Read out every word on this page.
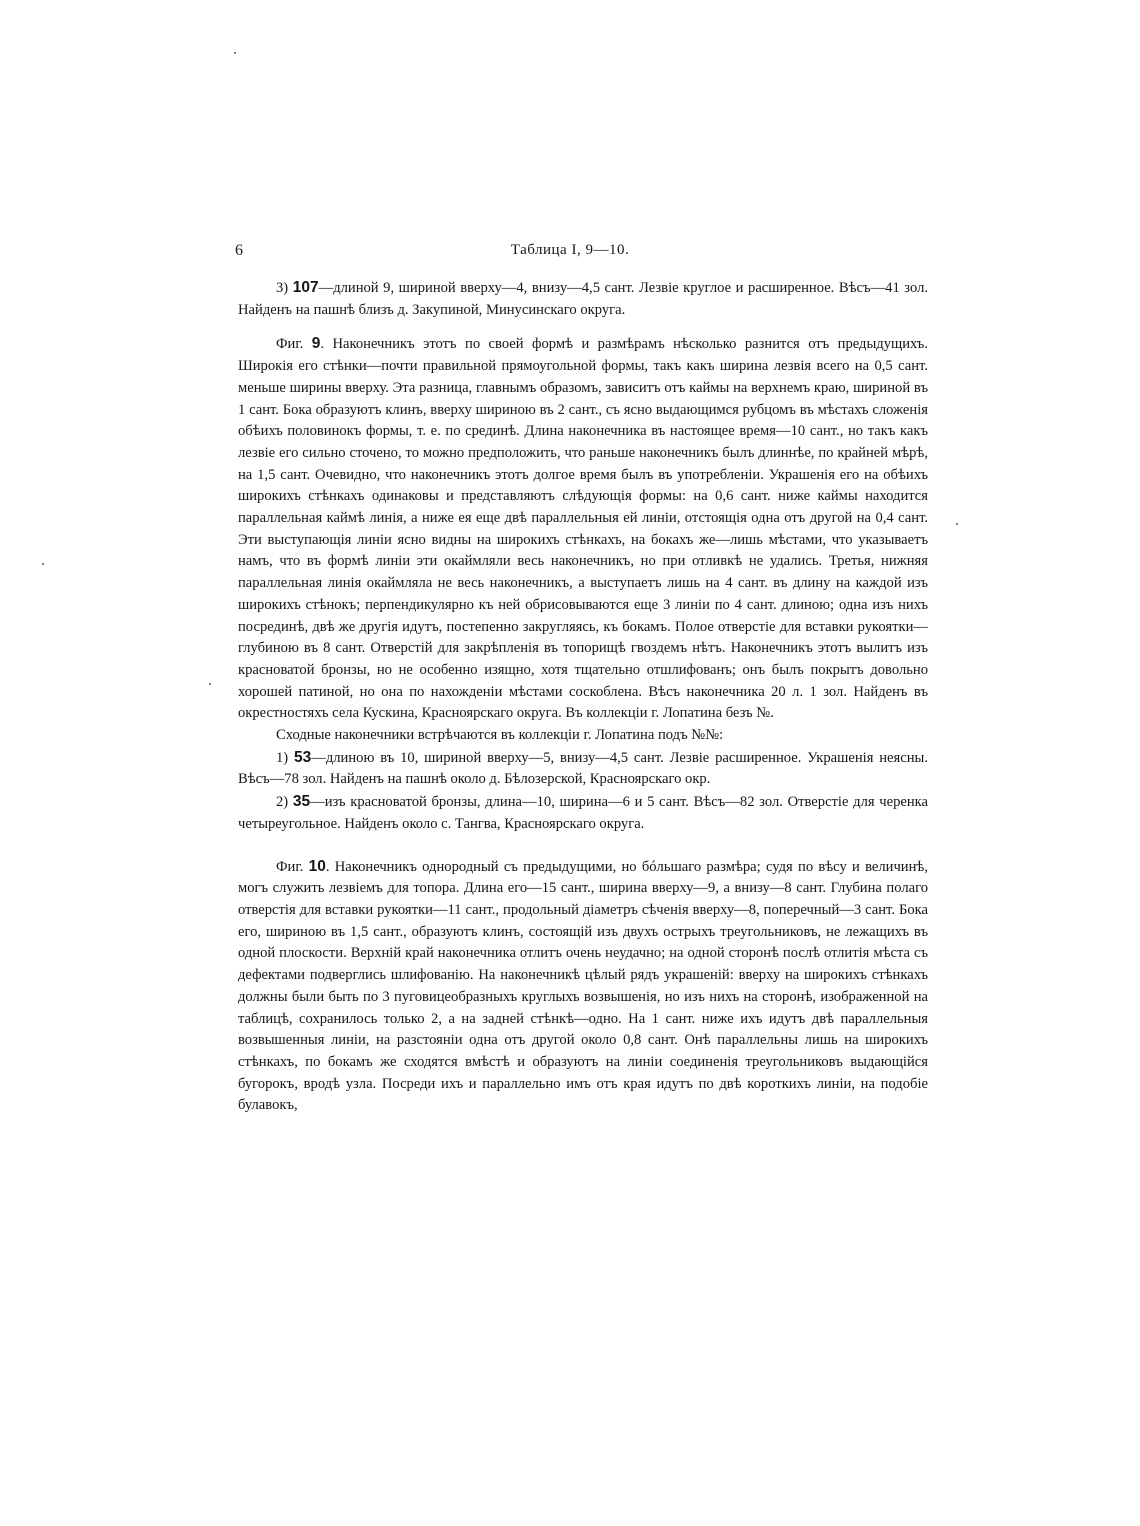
6	Таблица I, 9—10.

3) 107—длиной 9, шириной вверху—4, внизу—4,5 сант. Лезвіе круглое и расширенное. Вѣсъ—41 зол. Найденъ на пашнѣ близъ д. Закупиной, Минусинскаго округа.

Фиг. 9. Наконечникъ этотъ по своей формѣ и размѣрамъ нѣсколько разнится отъ предыдущихъ. Широкія его стѣнки—почти правильной прямоугольной формы, такъ какъ ширина лезвія всего на 0,5 сант. меньше ширины вверху. Эта разница, главнымъ образомъ, зависитъ отъ каймы на верхнемъ краю, шириной въ 1 сант. Бока образуютъ клинъ, вверху шириною въ 2 сант., съ ясно выдающимся рубцомъ въ мѣстахъ сложенія обѣихъ половинокъ формы, т. е. по срединѣ. Длина наконечника въ настоящее время—10 сант., но такъ какъ лезвіе его сильно сточено, то можно предположить, что раньше наконечникъ былъ длиннѣе, по крайней мѣрѣ, на 1,5 сант. Очевидно, что наконечникъ этотъ долгое время былъ въ употребленіи. Украшенія его на обѣихъ широкихъ стѣнкахъ одинаковы и представляютъ слѣдующія формы: на 0,6 сант. ниже каймы находится параллельная каймѣ линія, а ниже ея еще двѣ параллельныя ей линіи, отстоящія одна отъ другой на 0,4 сант. Эти выступающія линіи ясно видны на широкихъ стѣнкахъ, на бокахъ же—лишь мѣстами, что указываетъ намъ, что въ формѣ линіи эти окаймляли весь наконечникъ, но при отливкѣ не удались. Третья, нижняя параллельная линія окаймляла не весь наконечникъ, а выступаетъ лишь на 4 сант. въ длину на каждой изъ широкихъ стѣнокъ; перпендикулярно къ ней обрисовываются еще 3 линіи по 4 сант. длиною; одна изъ нихъ посрединѣ, двѣ же другія идутъ, постепенно закругляясь, къ бокамъ. Полое отверстіе для вставки рукоятки—глубиною въ 8 сант. Отверстій для закрѣпленія въ топорищѣ гвоздемъ нѣтъ. Наконечникъ этотъ вылитъ изъ красноватой бронзы, но не особенно изящно, хотя тщательно отшлифованъ; онъ былъ покрытъ довольно хорошей патиной, но она по нахожденіи мѣстами соскоблена. Вѣсъ наконечника 20 л. 1 зол. Найденъ въ окрестностяхъ села Кускина, Красноярскаго округа. Въ коллекціи г. Лопатина безъ №.

Сходные наконечники встрѣчаются въ коллекціи г. Лопатина подъ №№:

1) 53—длиною въ 10, шириной вверху—5, внизу—4,5 сант. Лезвіе расширенное. Украшенія неясны. Вѣсъ—78 зол. Найденъ на пашнѣ около д. Бѣлозерской, Красноярскаго окр.

2) 35—изъ красноватой бронзы, длина—10, ширина—6 и 5 сант. Вѣсъ—82 зол. Отверстіе для черенка четыреугольное. Найденъ около с. Тангва, Красноярскаго округа.

Фиг. 10. Наконечникъ однородный съ предыдущими, но бóльшаго размѣра; судя по вѣсу и величинѣ, могъ служить лезвіемъ для топора. Длина его—15 сант., ширина вверху—9, а внизу—8 сант. Глубина полаго отверстія для вставки рукоятки—11 сант., продольный діаметръ сѣченія вверху—8, поперечный—3 сант. Бока его, шириною въ 1,5 сант., образуютъ клинъ, состоящій изъ двухъ острыхъ треугольниковъ, не лежащихъ въ одной плоскости. Верхній край наконечника отлитъ очень неудачно; на одной сторонѣ послѣ отлитія мѣста съ дефектами подверглись шлифованію. На наконечникѣ цѣлый рядъ украшеній: вверху на широкихъ стѣнкахъ должны были быть по 3 пуговицеобразныхъ круглыхъ возвышенія, но изъ нихъ на сторонѣ, изображенной на таблицѣ, сохранилось только 2, а на задней стѣнкѣ—одно. На 1 сант. ниже ихъ идутъ двѣ параллельныя возвышенныя линіи, на разстояніи одна отъ другой около 0,8 сант. Онѣ параллельны лишь на широкихъ стѣнкахъ, по бокамъ же сходятся вмѣстѣ и образуютъ на линіи соединенія треугольниковъ выдающійся бугорокъ, вродѣ узла. Посреди ихъ и параллельно имъ отъ края идутъ по двѣ короткихъ линіи, на подобіе булавокъ,
